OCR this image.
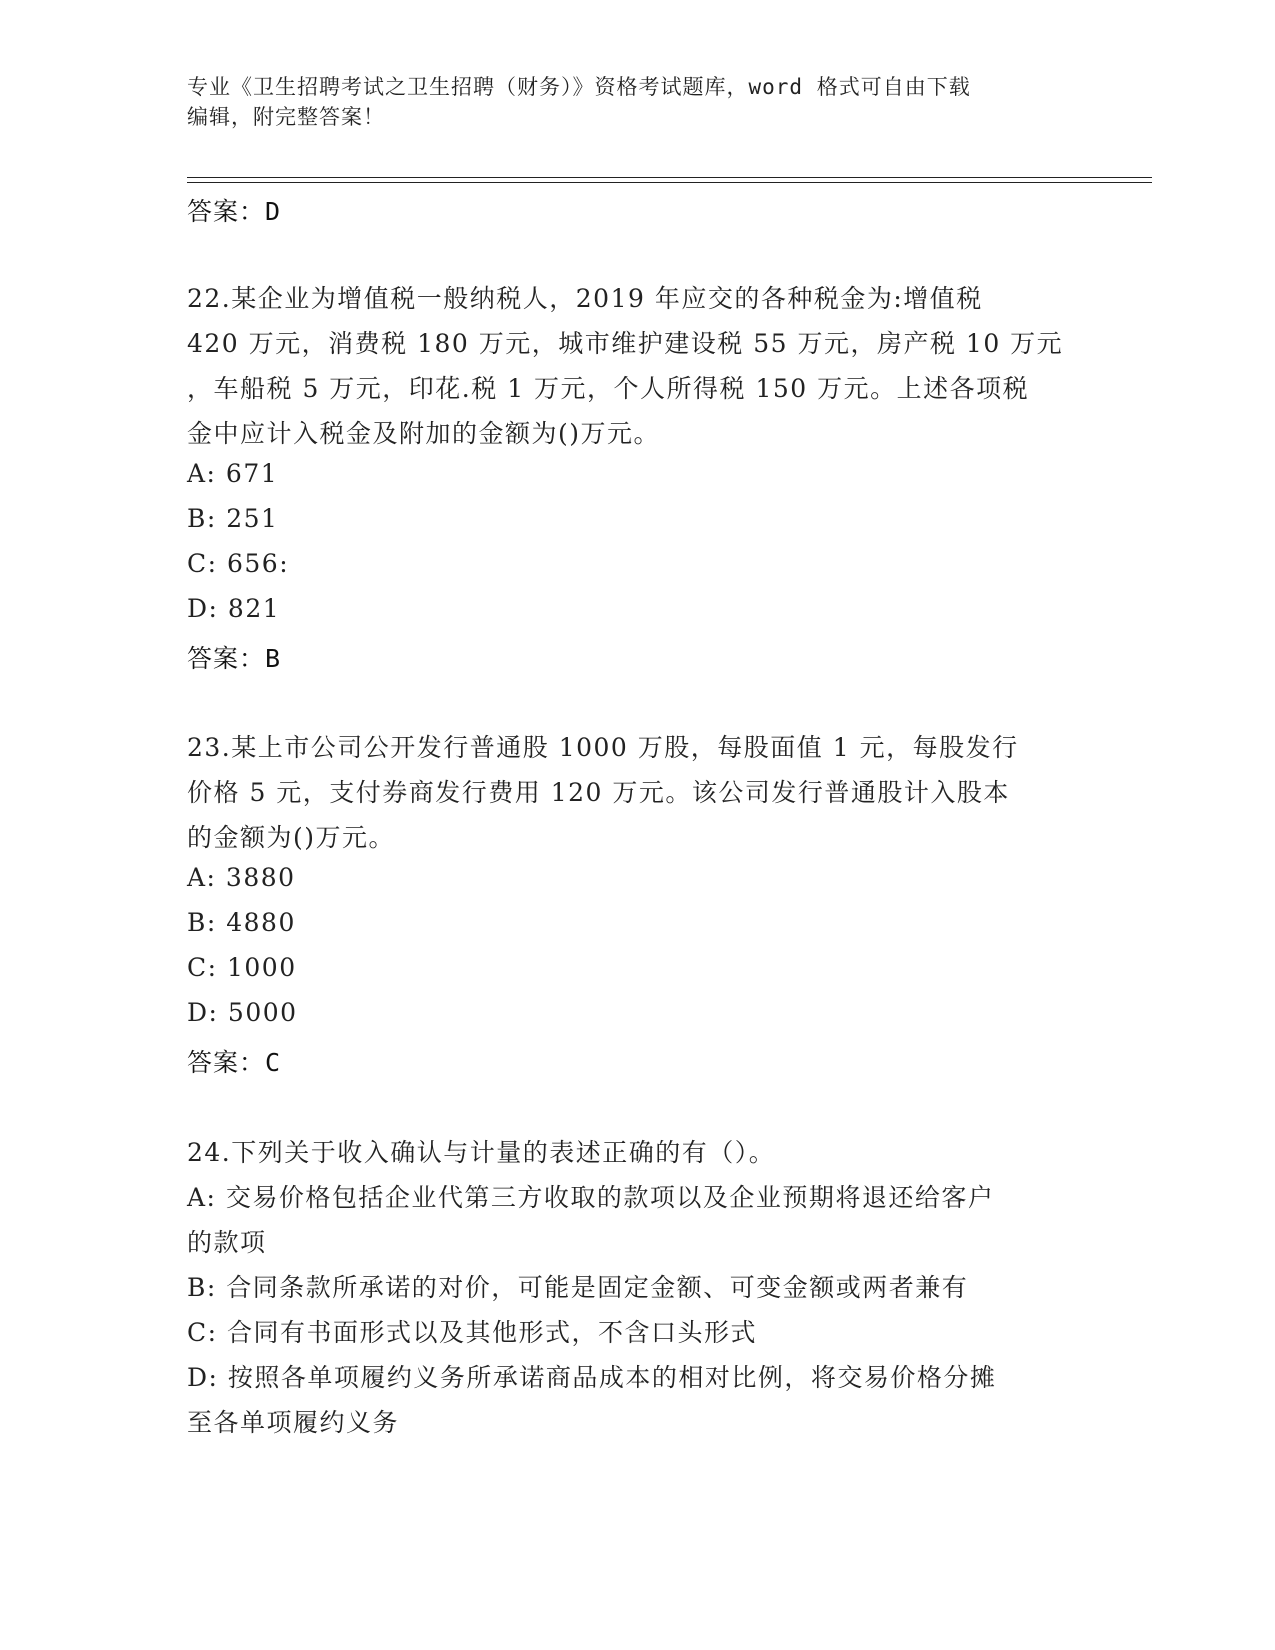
专业《卫生招聘考试之卫生招聘（财务）》资格考试题库，word 格式可自由下载
编辑，附完整答案！
答案：D
22.某企业为增值税一般纳税人，2019 年应交的各种税金为:增值税
420 万元，消费税 180 万元，城市维护建设税 55 万元，房产税 10 万元
，车船税 5 万元，印花.税 1 万元，个人所得税 150 万元。上述各项税
金中应计入税金及附加的金额为()万元。
A: 671
B: 251
C: 656:
D: 821
答案：B
23.某上市公司公开发行普通股 1000 万股，每股面值 1 元，每股发行
价格 5 元，支付券商发行费用 120 万元。该公司发行普通股计入股本
的金额为()万元。
A: 3880
B: 4880
C: 1000
D: 5000
答案：C
24.下列关于收入确认与计量的表述正确的有（）。
A: 交易价格包括企业代第三方收取的款项以及企业预期将退还给客户
的款项
B: 合同条款所承诺的对价，可能是固定金额、可变金额或两者兼有
C: 合同有书面形式以及其他形式，不含口头形式
D: 按照各单项履约义务所承诺商品成本的相对比例，将交易价格分摊
至各单项履约义务
